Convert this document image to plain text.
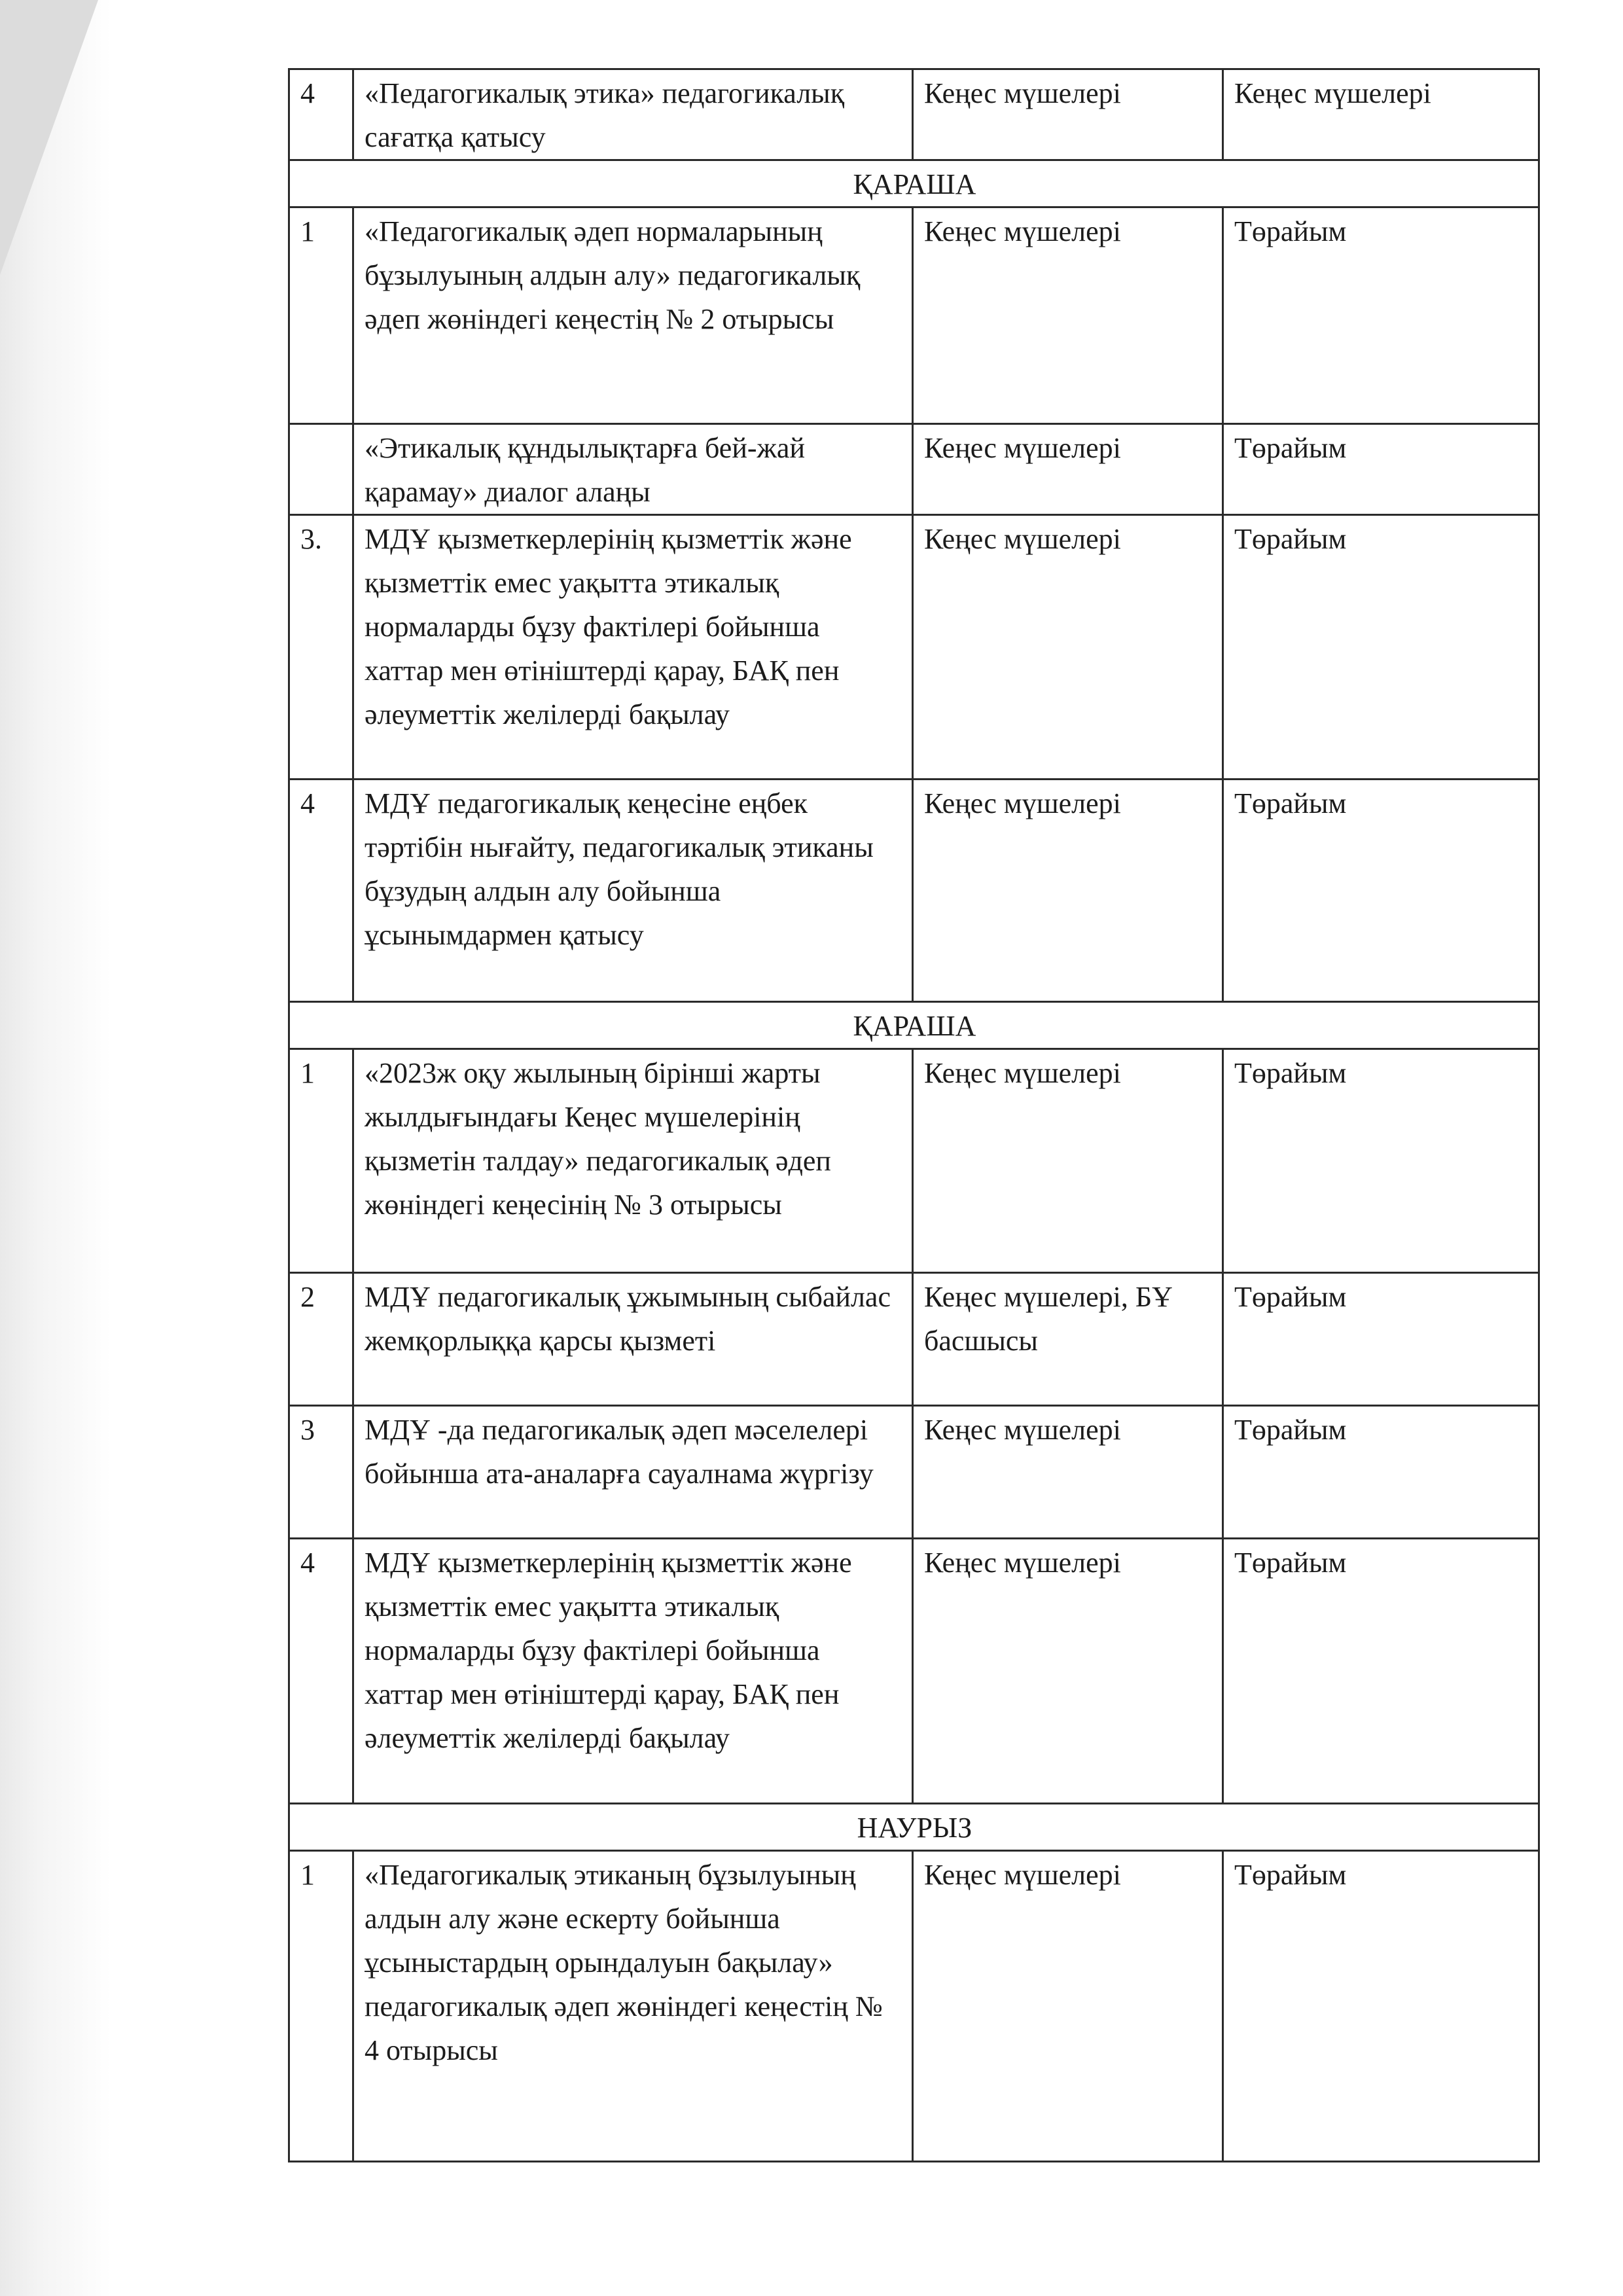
4	«Педагогикалық этика» педагогикалық сағатқа қатысу	Кеңес мүшелері	Кеңес мүшелері
ҚАРАША			
1	«Педагогикалық әдеп нормаларының бұзылуының алдын алу» педагогикалық әдеп жөніндегі кеңестің № 2 отырысы	Кеңес мүшелері	Төрайым
	«Этикалық құндылықтарға бей-жай қарамау» диалог алаңы	Кеңес мүшелері	Төрайым
3.	МДҰ қызметкерлерінің қызметтік және қызметтік емес уақытта этикалық нормаларды бұзу фактілері бойынша хаттар мен өтініштерді қарау, БАҚ пен әлеуметтік желілерді бақылау	Кеңес мүшелері	Төрайым
4	МДҰ педагогикалық кеңесіне еңбек тәртібін нығайту, педагогикалық этиканы бұзудың алдын алу бойынша ұсынымдармен қатысу	Кеңес мүшелері	Төрайым
ҚАРАША			
1	«2023ж оқу жылының бірінші жарты жылдығындағы Кеңес мүшелерінің қызметін талдау» педагогикалық әдеп жөніндегі кеңесінің № 3 отырысы	Кеңес мүшелері	Төрайым
2	МДҰ педагогикалық ұжымының сыбайлас жемқорлыққа қарсы қызметі	Кеңес мүшелері, БҰ басшысы	Төрайым
3	МДҰ -да педагогикалық әдеп мәселелері бойынша ата-аналарға сауалнама жүргізу	Кеңес мүшелері	Төрайым
4	МДҰ қызметкерлерінің қызметтік және қызметтік емес уақытта этикалық нормаларды бұзу фактілері бойынша хаттар мен өтініштерді қарау, БАҚ пен әлеуметтік желілерді бақылау	Кеңес мүшелері	Төрайым
НАУРЫЗ			
1	«Педагогикалық этиканың бұзылуының алдын алу және ескерту бойынша ұсыныстардың орындалуын бақылау» педагогикалық әдеп жөніндегі кеңестің № 4 отырысы	Кеңес мүшелері	Төрайым
